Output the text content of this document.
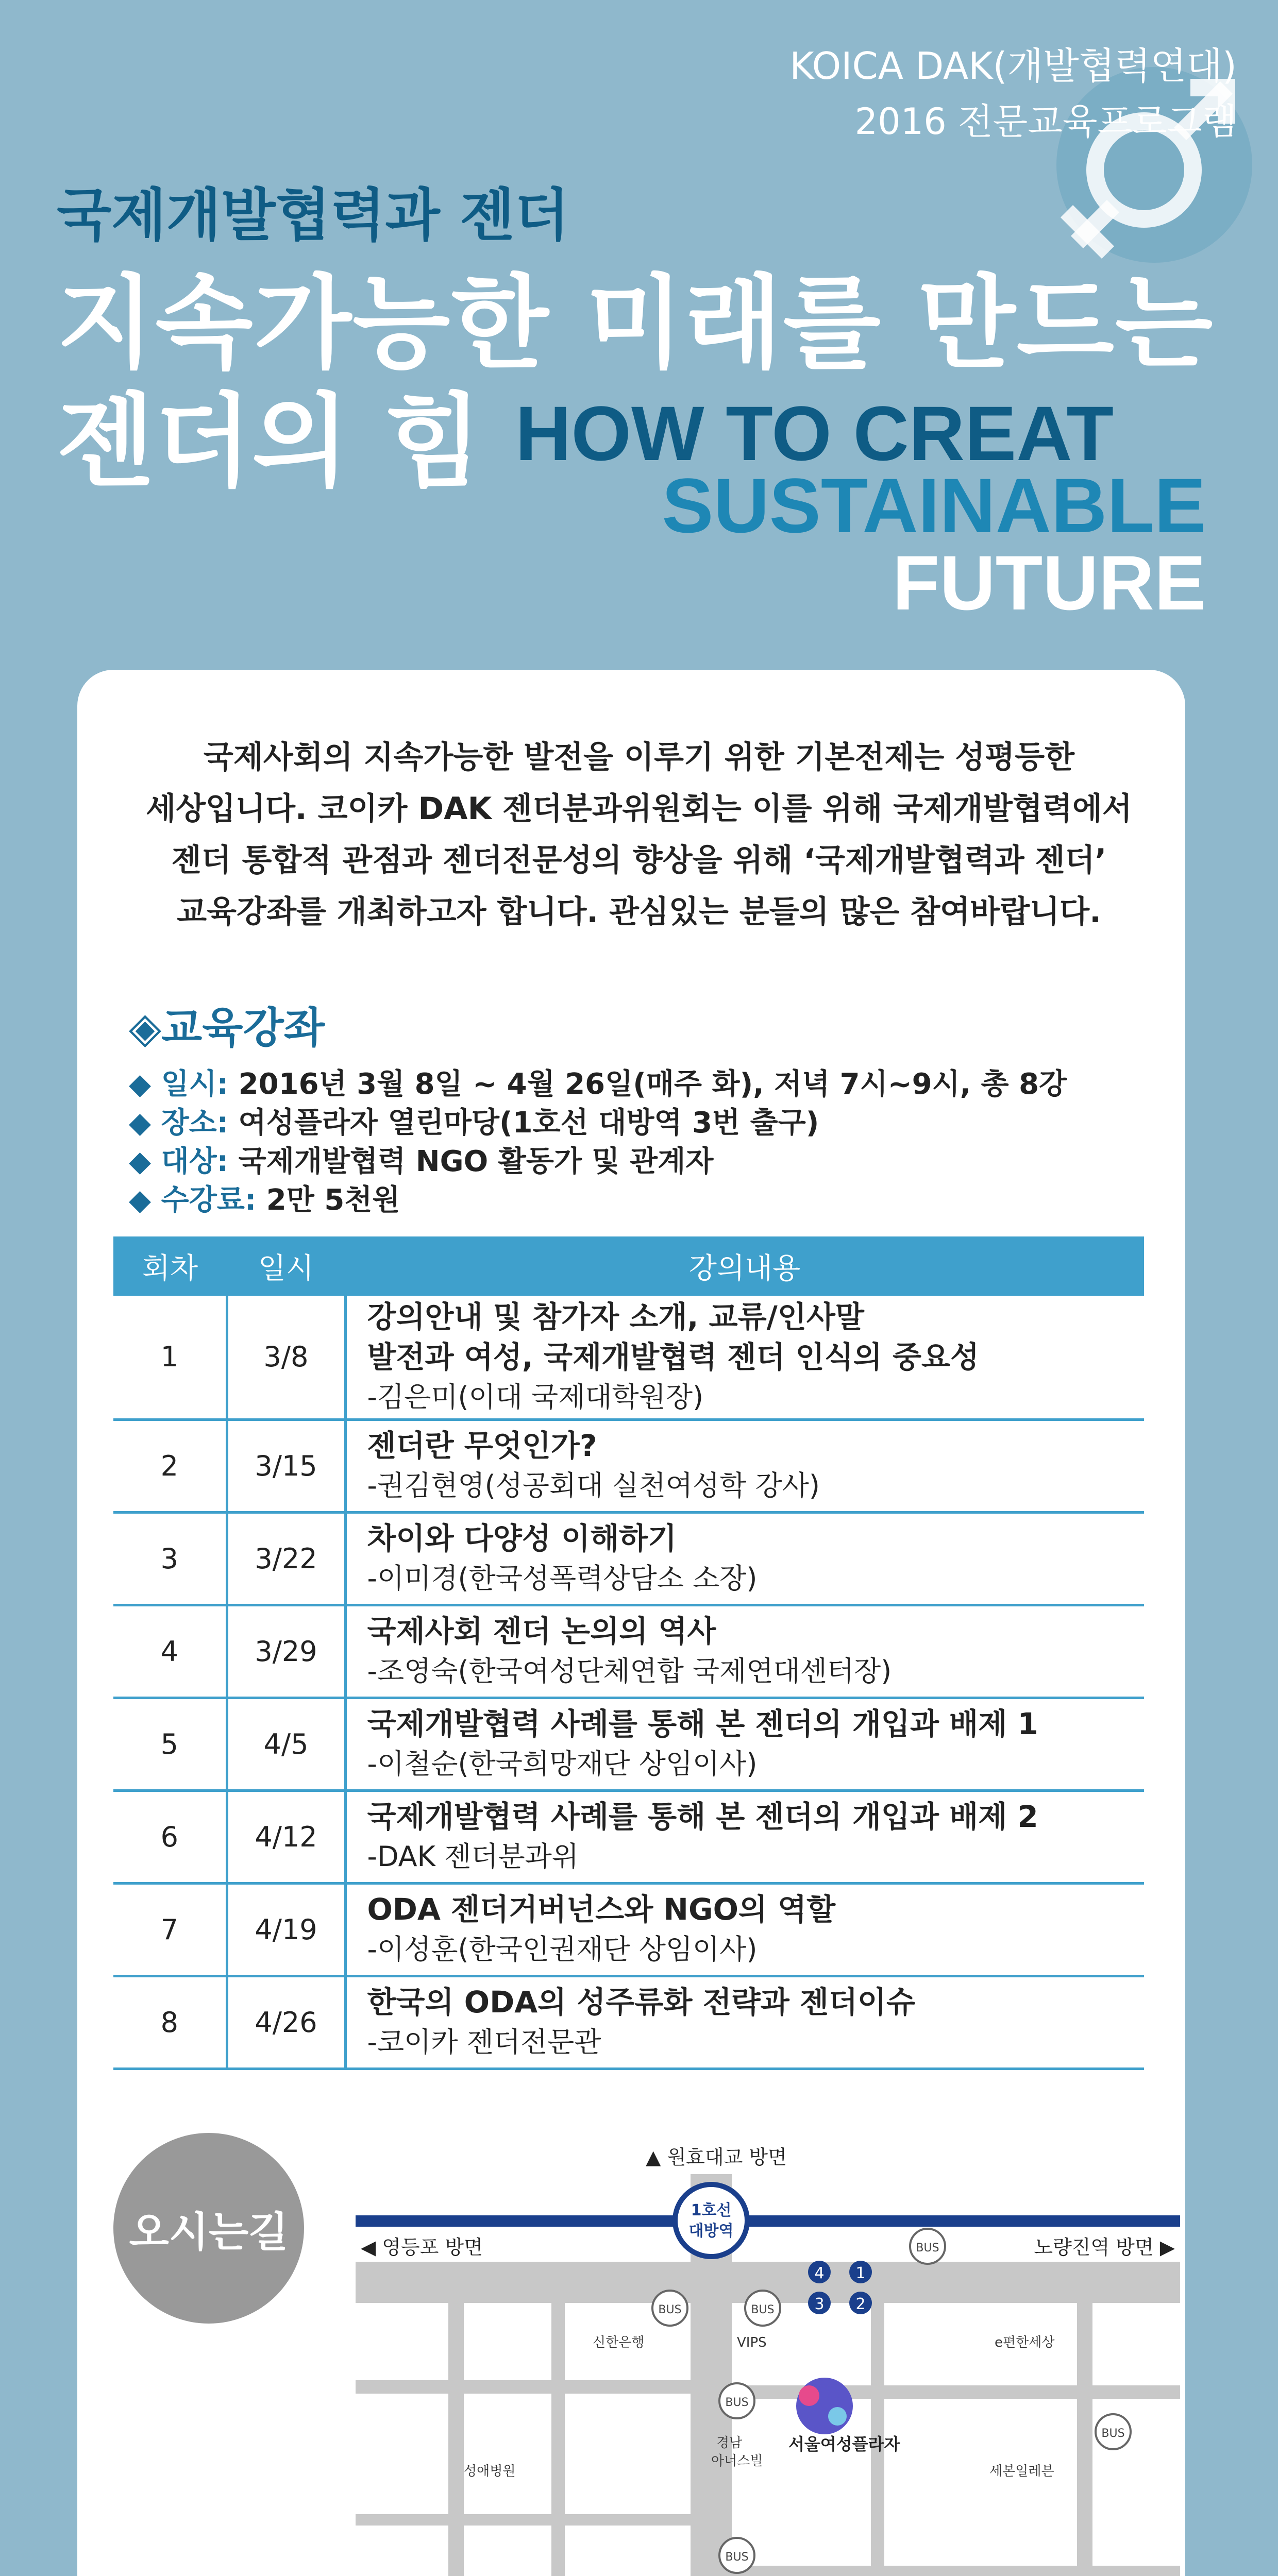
KOICA DAK(개발협력연대)
2016 전문교육프로그램
국제개발협력과 젠더
지속가능한 미래를 만드는
젠더의 힘 HOW TO CREAT
SUSTAINABLE
FUTURE
국제사회의 지속가능한 발전을 이루기 위한 기본전제는 성평등한
세상입니다. 코이카 DAK 젠더분과위원회는 이를 위해 국제개발협력에서
젠더 통합적 관점과 젠더전문성의 향상을 위해 ‘국제개발협력과 젠더’
교육강좌를 개최하고자 합니다. 관심있는 분들의 많은 참여바랍니다.
◈교육강좌
◆ 일시: 2016년 3월 8일 ~ 4월 26일(매주 화), 저녁 7시~9시, 총 8강
◆ 장소: 여성플라자 열린마당(1호선 대방역 3번 출구)
◆ 대상: 국제개발협력 NGO 활동가 및 관계자
◆ 수강료: 2만 5천원
회차	일시	강의내용
1	3/8	강의안내 및 참가자 소개, 교류/인사말
발전과 여성, 국제개발협력 젠더 인식의 중요성
-김은미(이대 국제대학원장)

2	3/15	젠더란 무엇인가?
-권김현영(성공회대 실천여성학 강사)

3	3/22	차이와 다양성 이해하기
-이미경(한국성폭력상담소 소장)

4	3/29	국제사회 젠더 논의의 역사
-조영숙(한국여성단체연합 국제연대센터장)

5	4/5	국제개발협력 사례를 통해 본 젠더의 개입과 배제 1
-이철순(한국희망재단 상임이사)

6	4/12	국제개발협력 사례를 통해 본 젠더의 개입과 배제 2
-DAK 젠더분과위

7	4/19	ODA 젠더거버넌스와 NGO의 역할
-이성훈(한국인권재단 상임이사)

8	4/26	한국의 ODA의 성주류화 전략과 젠더이슈
-코이카 젠더전문관
오시는길
▲ 원효대교 방면
◀ 영등포 방면	노량진역 방면 ▶
1호선
대방역
4 1
3 2
BUS	BUS
BUS
BUS
BUS
BUS
신한은행	VIPS	e편한세상
경남
아너스빌
서울여성플라자
성애병원	세본일레븐
